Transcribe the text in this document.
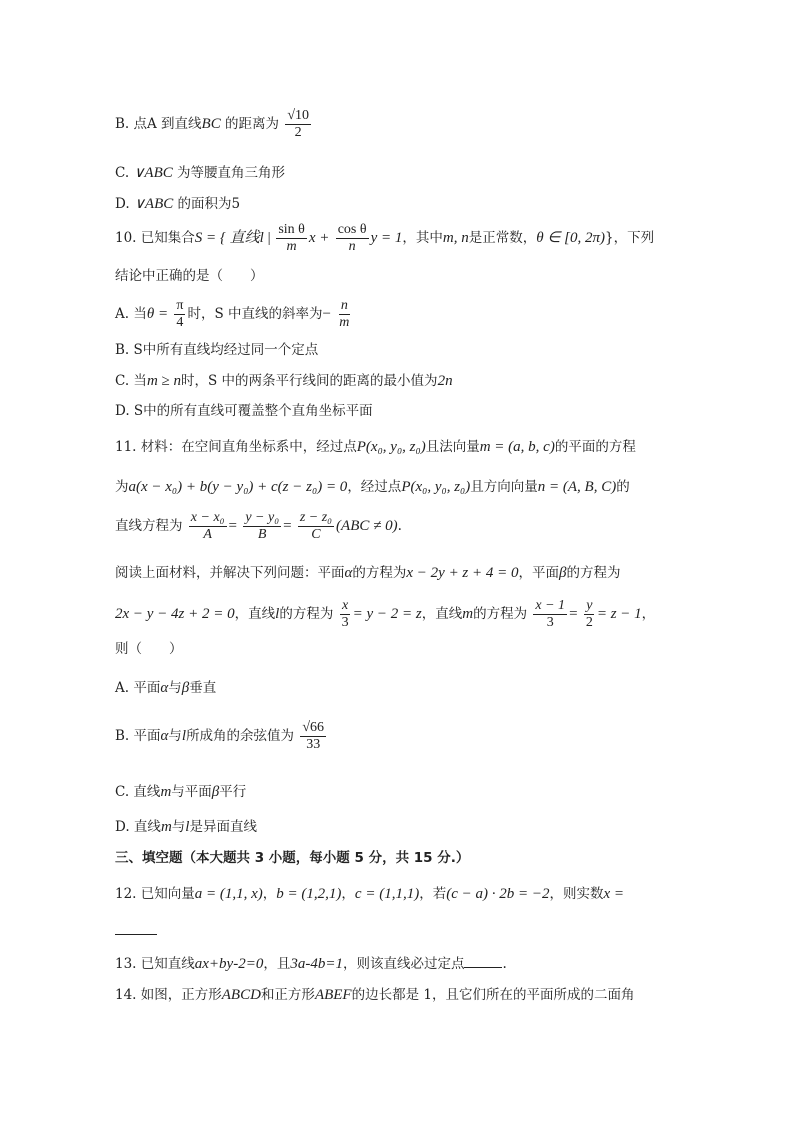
B. 点A 到直线BC 的距离为 $\frac{√10}{2}$
C. ∨ABC 为等腰直角三角形
D. ∨ABC 的面积为5
10. 已知集合S = { 直线l | $\frac{\text{sin θ}}{m}$ $x + \frac{\text{cos θ}}{n}$ y = 1，其中m, n是正常数，θ ∈ [0, 2π)}，下列
结论中正确的是（　　）
A. 当$\theta = \frac{\pi}{4}$ 时，S 中直线的斜率为− $\frac{n}{m}$
B. S中所有直线均经过同一个定点
C. 当m ≥ n时，S 中的两条平行线间的距离的最小值为2n
D. S中的所有直线可覆盖整个直角坐标平面
11. 材料：在空间直角坐标系中，经过点P(x₀, y₀, z₀)且法向量m = (a, b, c)的平面的方程
为a(x − x₀) + b(y − y₀) + c(z − z₀) = 0，经过点P(x₀, y₀, z₀)且方向向量n = (A, B, C)的
直线方程为 $\frac{\text{x − x₀}}{A} = \frac{\text{y − y₀}}{B} = \frac{\text{z − z₀}}{C} (ABC \ne 0)$.
阅读上面材料，并解决下列问题：平面α的方程为x − 2y + z + 4 = 0，平面β的方程为
2x − y − 4z + 2 = 0，直线l的方程为 $\frac{x}{3} = y - 2 = z$，直线m的方程为 $\frac{x - 1}{3} = \frac{y}{2} = z - 1$，
则（　　）
A. 平面α与β垂直
B. 平面α与l所成角的余弦值为 $\frac{√66}{33}$
C. 直线m与平面β平行
D. 直线m与l是异面直线
三、填空题（本大题共 3 小题，每小题 5 分，共 15 分.）
12. 已知向量a = (1,1, x)，b = (1,2,1)，c = (1,1,1)，若(c − a) · 2b = −2，则实数x =
13. 已知直线ax+by-2=0，且3a-4b=1，则该直线必过定点	.
14. 如图，正方形ABCD和正方形ABEF的边长都是 1，且它们所在的平面所成的二面角
